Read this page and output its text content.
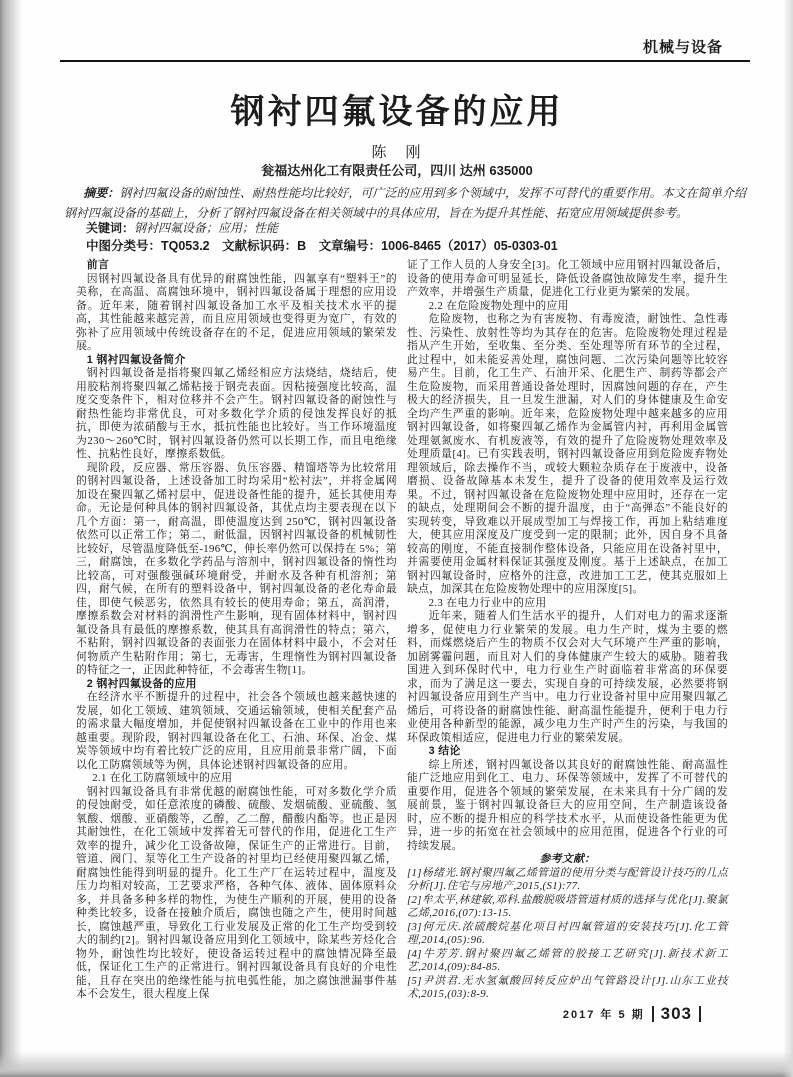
机械与设备
钢衬四氟设备的应用
陈　刚
瓮福达州化工有限责任公司，四川 达州 635000

摘要：钢衬四氟设备的耐蚀性、耐热性能均比较好，可广泛的应用到多个领域中，发挥不可替代的重要作用。本文在简单介绍钢衬四氟设备的基础上，分析了钢衬四氟设备在相关领域中的具体应用，旨在为提升其性能、拓宽应用领域提供参考。

关键词：钢衬四氟设备；应用；性能
中图分类号：TQ053.2　文献标识码：B　文章编号：1006-8465（2017）05-0303-01

前言

因钢衬四氟设备具有优异的耐腐蚀性能，四氟享有“塑料王”的美称，在高温、高腐蚀环境中，钢衬四氟设备属于理想的应用设备。近年来，随着钢衬四氟设备加工水平及相关技术水平的提高，其性能越来越完善，而且应用领域也变得更为宽广，有效的弥补了应用领域中传统设备存在的不足，促进应用领域的繁荣发展。

1 钢衬四氟设备简介

钢衬四氟设备是指将聚四氟乙烯经相应方法烧结，烧结后，使用胶粘剂将聚四氟乙烯粘接于钢壳表面。因粘接强度比较高，温度交变条件下，相对位移并不会产生。钢衬四氟设备的耐蚀性与耐热性能均非常优良，可对多数化学介质的侵蚀发挥良好的抵抗，即使为浓硝酸与王水，抵抗性能也比较好。当工作环境温度为230～260℃时，钢衬四氟设备仍然可以长期工作，而且电绝缘性、抗粘性良好，摩擦系数低。

现阶段，反应器、常压容器、负压容器、精馏塔等为比较常用的钢衬四氟设备，上述设备加工时均采用“松衬法”，并将金属网加设在聚四氟乙烯衬层中，促进设备性能的提升，延长其使用寿命。无论是何种具体的钢衬四氟设备，其优点均主要表现在以下几个方面：第一，耐高温，即使温度达到 250℃，钢衬四氟设备依然可以正常工作；第二，耐低温，因钢衬四氟设备的机械韧性比较好，尽管温度降低至-196℃，伸长率仍然可以保持在 5%；第三，耐腐蚀，在多数化学药品与溶剂中，钢衬四氟设备的惰性均比较高，可对强酸强碱环境耐受，并耐水及各种有机溶剂；第四，耐气候，在所有的塑料设备中，钢衬四氟设备的老化寿命最佳，即使气候恶劣，依然具有较长的使用寿命；第五，高润滑，摩擦系数会对材料的润滑性产生影响，现有固体材料中，钢衬四氟设备具有最低的摩擦系数，使其具有高润滑性的特点；第六，不粘附，钢衬四氟设备的表面张力在固体材料中最小，不会对任何物质产生粘附作用；第七，无毒害，生理惰性为钢衬四氟设备的特征之一，正因此种特征，不会毒害生物[1]。

2 钢衬四氟设备的应用

在经济水平不断提升的过程中，社会各个领域也越来越快速的发展，如化工领域、建筑领域、交通运输领域，使相关配套产品的需求量大幅度增加，并促使钢衬四氟设备在工业中的作用也来越重要。现阶段，钢衬四氟设备在化工、石油、环保、冶金、煤炭等领域中均有着比较广泛的应用，且应用前景非常广阔，下面以化工防腐领域等为例，具体论述钢衬四氟设备的应用。

2.1 在化工防腐领域中的应用

钢衬四氟设备具有非常优越的耐腐蚀性能，可对多数化学介质的侵蚀耐受，如任意浓度的磷酸、硫酸、发烟硫酸、亚硫酸、氢氧酸、烟酸、亚硝酸等，乙醇，乙二醇，醋酸内酯等。也正是因其耐蚀性，在化工领域中发挥着无可替代的作用，促进化工生产效率的提升，减少化工设备故障，保证生产的正常进行。目前，管道、阀门、泵等化工生产设备的衬里均已经使用聚四氟乙烯，耐腐蚀性能得到明显的提升。化工生产厂在运转过程中，温度及压力均相对较高，工艺要求严格，各种气体、液体、固体原料众多，并具备多种多样的物性，为使生产顺利的开展，使用的设备种类比较多，设备在接触介质后，腐蚀也随之产生，使用时间越长，腐蚀越严重，导致化工行业发展及正常的化工生产均受到较大的制约[2]。钢衬四氟设备应用到化工领域中，除某些芳烃化合物外，耐蚀性均比较好，使设备运转过程中的腐蚀情况降至最低，保证化工生产的正常进行。钢衬四氟设备具有良好的介电性能，且存在突出的绝缘性能与抗电弧性能，加之腐蚀泄漏事件基本不会发生，很大程度上保

证了工作人员的人身安全[3]。化工领域中应用钢衬四氟设备后，设备的使用寿命可明显延长，降低设备腐蚀故障发生率，提升生产效率，并增强生产质量，促进化工行业更为繁荣的发展。

2.2 在危险废物处理中的应用

危险废物，也称之为有害废物、有毒废渣，耐蚀性、急性毒性、污染性、放射性等均为其存在的危害。危险废物处理过程是指从产生开始，至收集、至分类、至处理等所有环节的全过程，此过程中，如未能妥善处理，腐蚀问题、二次污染问题等比较容易产生。目前，化工生产、石油开采、化肥生产、制药等都会产生危险废物，而采用普通设备处理时，因腐蚀问题的存在，产生极大的经济损失，且一旦发生泄漏，对人们的身体健康及生命安全均产生严重的影响。近年来，危险废物处理中越来越多的应用钢衬四氟设备，如将聚四氟乙烯作为金属管内衬，再利用金属管处理氨氮废水、有机废液等，有效的提升了危险废物处理效率及处理质量[4]。已有实践表明，钢衬四氟设备应用到危险废弃物处理领域后，除去操作不当，或较大颗粒杂质存在于废液中，设备磨损、设备故障基本未发生，提升了设备的使用效率及运行效果。不过，钢衬四氟设备在危险废物处理中应用时，还存在一定的缺点，处理期间会不断的提升温度，由于“高弹态”不能良好的实现转变，导致难以开展成型加工与焊接工作，再加上粘结难度大，使其应用深度及广度受到一定的限制；此外，因自身不具备较高的刚度，不能直接制作整体设备，只能应用在设备衬里中，并需要使用金属材料保证其强度及刚度。基于上述缺点，在加工钢衬四氟设备时，应格外的注意，改进加工工艺，使其克服如上缺点，加深其在危险废物处理中的应用深度[5]。

2.3 在电力行业中的应用

近年来，随着人们生活水平的提升，人们对电力的需求逐渐增多，促使电力行业繁荣的发展。电力生产时，煤为主要的燃料，而煤燃烧后产生的物质不仅会对大气环境产生严重的影响，加剧雾霾问题，而且对人们的身体健康产生较大的威胁。随着我国进入到环保时代中，电力行业生产时面临着非常高的环保要求，而为了满足这一要去，实现自身的可持续发展，必然要将钢衬四氟设备应用到生产当中。电力行业设备衬里中应用聚四氟乙烯后，可将设备的耐腐蚀性能、耐高温性能提升，便利于电力行业使用各种新型的能源，减少电力生产时产生的污染，与我国的环保政策相适应，促进电力行业的繁荣发展。

3 结论

综上所述，钢衬四氟设备以其良好的耐腐蚀性能、耐高温性能广泛地应用到化工、电力、环保等领域中，发挥了不可替代的重要作用，促进各个领域的繁荣发展，在未来具有十分广阔的发展前景，鉴于钢衬四氟设备巨大的应用空间，生产制造该设备时，应不断的提升相应的科学技术水平，从而使设备性能更为优异，进一步的拓宽在社会领域中的应用范围，促进各个行业的可持续发展。

参考文献：

[1]杨绪光.钢衬聚四氟乙烯管道的使用分类与配管设计技巧的几点分析[J].住宅与房地产,2015,(S1):77.

[2]牟太平,林建敏,邓科.盐酸脱吸塔管道材质的选择与优化[J].聚氯乙烯,2016,(07):13-15.

[3]何元庆.浓硫酸烷基化项目衬四氟管道的安装技巧[J].化工管理,2014,(05):96.

[4]牛芳芳.钢衬聚四氟乙烯管的胶接工艺研究[J].新技术新工艺,2014,(09):84-85.

[5]尹洪君.无水氢氟酸回转反应炉出气管路设计[J].山东工业技术,2015,(03):8-9.

2017 年 5 期 303
